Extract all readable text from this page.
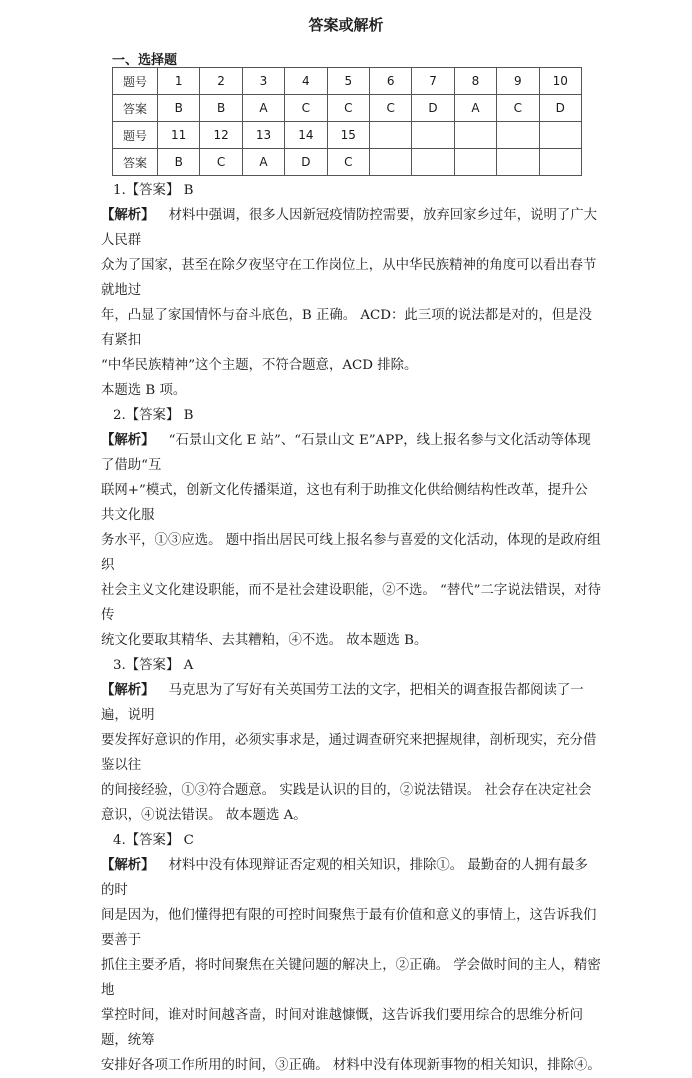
答案或解析
一、选择题
题号	1	2	3	4	5	6	7	8	9	10
答案	B	B	A	C	C	C	D	A	C	D
题号	11	12	13	14	15					
答案	B	C	A	D	C					

1.【答案】 B

【解析】 材料中强调，很多人因新冠疫情防控需要，放弃回家乡过年，说明了广大人民群

众为了国家，甚至在除夕夜坚守在工作岗位上，从中华民族精神的角度可以看出春节就地过

年，凸显了家国情怀与奋斗底色，B 正确。 ACD：此三项的说法都是对的，但是没有紧扣

“中华民族精神”这个主题，不符合题意，ACD 排除。

本题选 B 项。

2.【答案】 B

【解析】 “石景山文化 E 站”、“石景山文 E”APP，线上报名参与文化活动等体现了借助“互

联网+”模式，创新文化传播渠道，这也有利于助推文化供给侧结构性改革，提升公共文化服

务水平，①③应选。 题中指出居民可线上报名参与喜爱的文化活动，体现的是政府组织

社会主义文化建设职能，而不是社会建设职能，②不选。 “替代”二字说法错误，对待传

统文化要取其精华、去其糟粕，④不选。 故本题选 B。

3.【答案】 A

【解析】 马克思为了写好有关英国劳工法的文字，把相关的调查报告都阅读了一遍，说明

要发挥好意识的作用，必须实事求是，通过调查研究来把握规律，剖析现实，充分借鉴以往

的间接经验，①③符合题意。 实践是认识的目的，②说法错误。 社会存在决定社会

意识，④说法错误。 故本题选 A。

4.【答案】 C

【解析】 材料中没有体现辩证否定观的相关知识，排除①。 最勤奋的人拥有最多的时

间是因为，他们懂得把有限的可控时间聚焦于最有价值和意义的事情上，这告诉我们要善于

抓住主要矛盾，将时间聚焦在关键问题的解决上，②正确。 学会做时间的主人，精密地

掌控时间，谁对时间越吝啬，时间对谁越慷慨，这告诉我们要用综合的思维分析问题，统筹

安排好各项工作所用的时间，③正确。 材料中没有体现新事物的相关知识，排除④。
